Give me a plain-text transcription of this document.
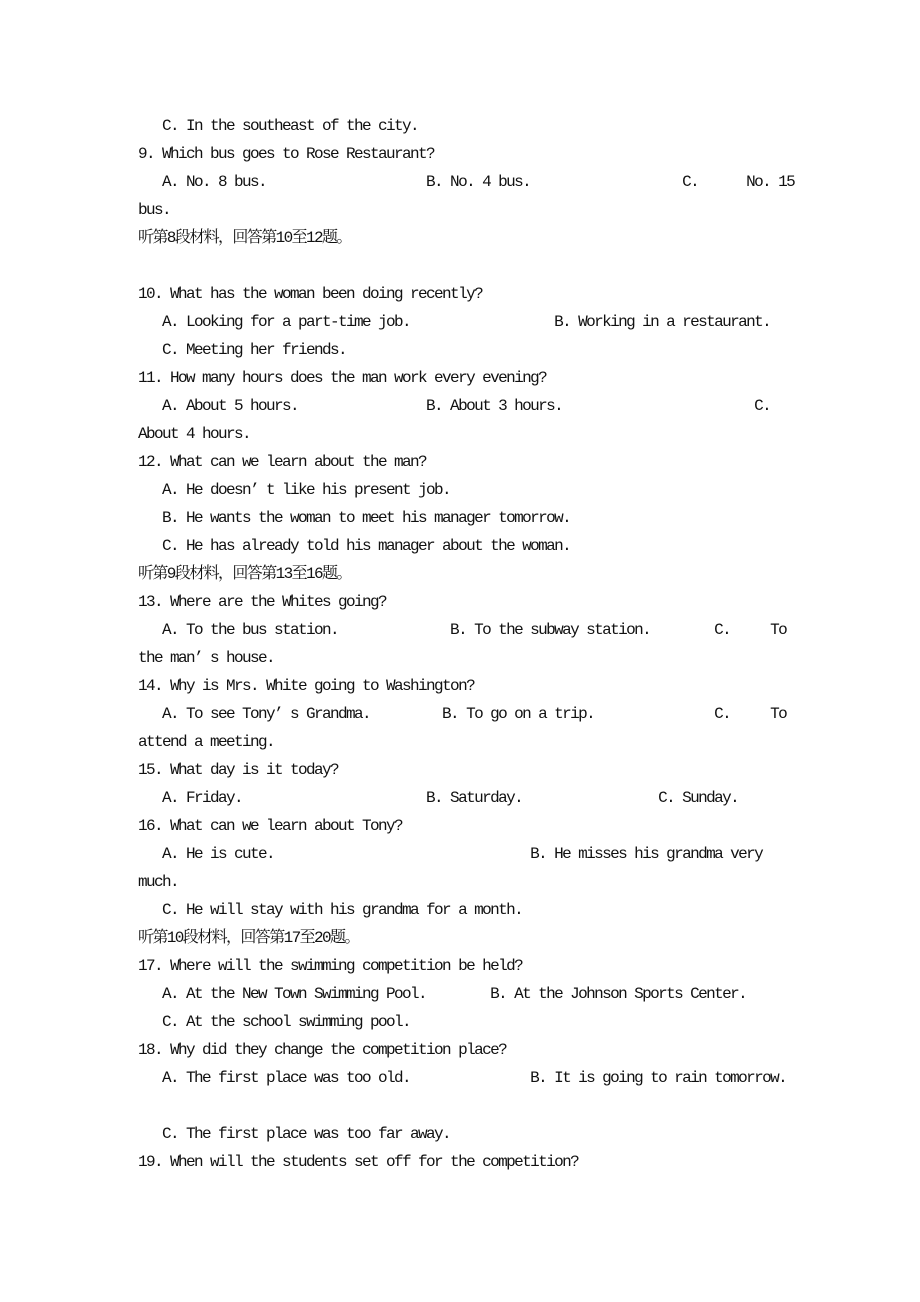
C. In the southeast of the city.
9. Which bus goes to Rose Restaurant?
A. No. 8 bus.                    B. No. 4 bus.                   C.      No. 15
bus.
听第8段材料，回答第10至12题。
10. What has the woman been doing recently?
A. Looking for a part-time job.                  B. Working in a restaurant.
C. Meeting her friends.
11. How many hours does the man work every evening?
A. About 5 hours.                B. About 3 hours.                        C.
About 4 hours.
12. What can we learn about the man?
A. He doesn’ t like his present job.
B. He wants the woman to meet his manager tomorrow.
C. He has already told his manager about the woman.
听第9段材料，回答第13至16题。
13. Where are the Whites going?
A. To the bus station.              B. To the subway station.        C.     To
the man’ s house.
14. Why is Mrs. White going to Washington?
A. To see Tony’ s Grandma.         B. To go on a trip.               C.     To
attend a meeting.
15. What day is it today?
A. Friday.                       B. Saturday.                 C. Sunday.
16. What can we learn about Tony?
A. He is cute.                                B. He misses his grandma very
much.
C. He will stay with his grandma for a month.
听第10段材料，回答第17至20题。
17. Where will the swimming competition be held?
A. At the New Town Swimming Pool.        B. At the Johnson Sports Center.
C. At the school swimming pool.
18. Why did they change the competition place?
A. The first place was too old.               B. It is going to rain tomorrow.
C. The first place was too far away.
19. When will the students set off for the competition?
